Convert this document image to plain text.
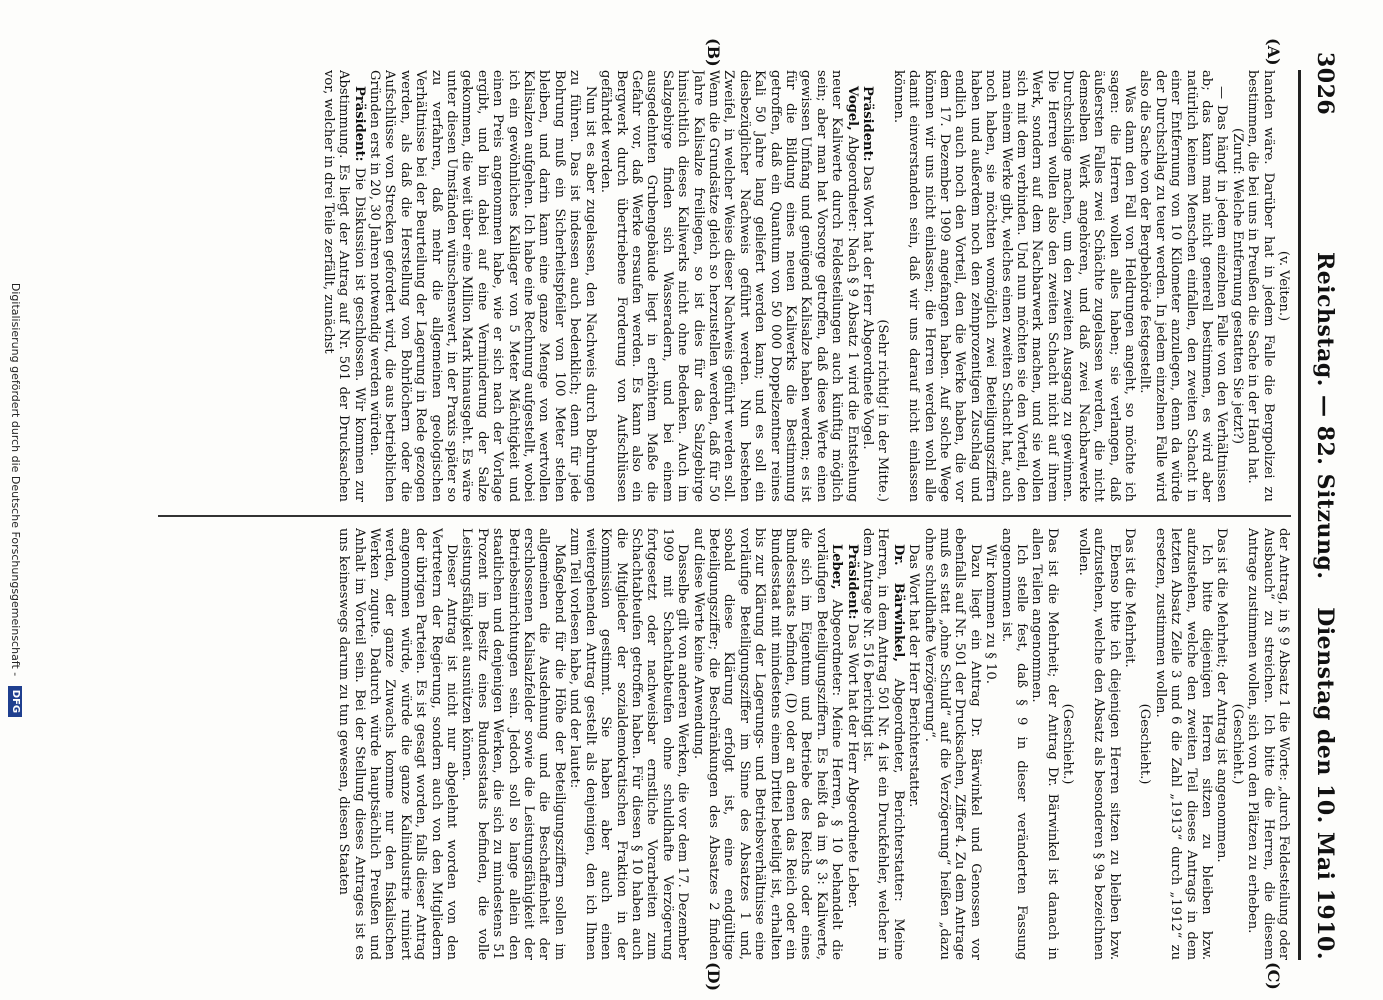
3026
Reichstag. — 82. Sitzung.
Dienstag den 10. Mai 1910.
(A)
(B)
(C)
(D)

(v. Veiten.)

handen wäre. Darüber hat in jedem Falle die Bergpolizei zu bestimmen, die bei uns in Preußen die Sache in der Hand hat.

(Zuruf: Welche Entfernung gestatten Sie jetzt?)

— Das hängt in jedem einzelnen Falle von den Verhältnissen ab; das kann man nicht generell bestimmen, es wird aber natürlich keinem Menschen einfallen, den zweiten Schacht in einer Entfernung von 10 Kilometer anzulegen, denn da würde der Durchschlag zu teuer werden. In jedem einzelnen Falle wird also die Sache von der Bergbehörde festgestellt.

Was dann den Fall von Heldrungen angeht, so möchte ich sagen: die Herren wollen alles haben; sie verlangen, daß äußersten Falles zwei Schächte zugelassen werden, die nicht demselben Werk angehören, und daß zwei Nachbarwerke Durchschläge machen, um den zweiten Ausgang zu gewinnen. Die Herren wollen also den zweiten Schacht nicht auf ihrem Werk, sondern auf dem Nachbarwerk machen, und sie wollen sich mit dem verbinden. Und nun möchten sie den Vorteil, den man einem Werke gibt, welches einen zweiten Schacht hat, auch noch haben, sie möchten womöglich zwei Beteiligungsziffern haben und außerdem noch den zehnprozentigen Zuschlag und endlich auch noch den Vorteil, den die Werke haben, die vor dem 17. Dezember 1909 angefangen haben. Auf solche Wege können wir uns nicht einlassen; die Herren werden wohl alle damit einverstanden sein, daß wir uns darauf nicht einlassen können.

(Sehr richtig! in der Mitte.)

Präsident: Das Wort hat der Herr Abgeordnete Vogel.

Vogel, Abgeordneter: Nach § 9 Absatz 1 wird die Entstehung neuer Kaliwerte durch Feldesteilungen auch künftig möglich sein; aber man hat Vorsorge getroffen, daß diese Werte einen gewissen Umfang und genügend Kalisalze haben werden; es ist für die Bildung eines neuen Kaliwerks die Bestimmung getroffen, daß ein Quantum von 50 000 Doppelzentner reines Kali 50 Jahre lang geliefert werden kann; und es soll ein diesbezüglicher Nachweis geführt werden. Nun bestehen Zweifel, in welcher Weise dieser Nachweis geführt werden soll. Wenn die Grundsätze gleich so herzustellen werden, daß für 50 Jahre Kalisalze freiliegen, so ist dies für das Salzgebirge hinsichtlich dieses Kaliwerks nicht ohne Bedenken. Auch im Salzgebirge finden sich Wasseradern, und bei einem ausgedehnten Grubengebäude liegt in erhöhtem Maße die Gefahr vor, daß Werke ersaufen werden. Es kann also ein Bergwerk durch übertriebene Forderung von Aufschlüssen gefährdet werden.

Nun ist es aber zugelassen, den Nachweis durch Bohrungen zu führen. Das ist indessen auch bedenklich; denn für jede Bohrung muß ein Sicherheitspfeiler von 100 Meter stehen bleiben, und darin kann eine ganze Menge von wertvollen Kalisalzen aufgehen. Ich habe eine Rechnung aufgestellt, wobei ich ein gewöhnliches Kalilager von 5 Meter Mächtigkeit und einen Preis angenommen habe, wie er sich nach der Vorlage ergibt, und bin dabei auf eine Verminderung der Salze gekommen, die weit über eine Million Mark hinausgeht. Es wäre unter diesen Umständen wünschenswert, in der Praxis später so zu verfahren, daß mehr die allgemeinen geologischen Verhältnisse bei der Beurteilung der Lagerung in Rede gezogen werden, als daß die Herstellung von Bohrlöchern oder die Aufschlüsse von Strecken gefordert wird, die aus betrieblichen Gründen erst in 20, 30 Jahren notwendig werden würden.

Präsident: Die Diskussion ist geschlossen. Wir kommen zur Abstimmung. Es liegt der Antrag auf Nr. 501 der Drucksachen vor, welcher in drei Teile zerfällt, zunächst

der Antrag, in § 9 Absatz 1 die Worte: „durch Feldesteilung oder Ausbauch“ zu streichen. Ich bitte die Herren, die diesem Antrage zustimmen wollen, sich von den Plätzen zu erheben.

(Geschieht.)

Das ist die Mehrheit; der Antrag ist angenommen.

Ich bitte diejenigen Herren sitzen zu bleiben bzw. aufzustehen, welche den zweiten Teil dieses Antrags in dem letzten Absatz Zeile 3 und 6 die Zahl „1913“ durch „1912“ zu ersetzen, zustimmen wollen.

(Geschieht.)

Das ist die Mehrheit.

Ebenso bitte ich diejenigen Herren sitzen zu bleiben bzw. aufzustehen, welche den Absatz als besonderen § 9a bezeichnen wollen.

(Geschieht.)

Das ist die Mehrheit; der Antrag Dr. Bärwinkel ist danach in allen Teilen angenommen.

Ich stelle fest, daß § 9 in dieser veränderten Fassung angenommen ist.

Wir kommen zu § 10.

Dazu liegt ein Antrag Dr. Bärwinkel und Genossen vor ebenfalls auf Nr. 501 der Drucksachen, Ziffer 4. Zu dem Antrage muß es statt „ohne Schuld“ auf die Verzögerung“ heißen „dazu ohne schuldhafte Verzögerung“.

Das Wort hat der Herr Berichterstatter.

Dr. Bärwinkel, Abgeordneter, Berichterstatter: Meine Herren, in dem Antrag 501 Nr. 4 ist ein Druckfehler, welcher in dem Antrage Nr. 516 berichtigt ist.

Präsident: Das Wort hat der Herr Abgeordnete Leber.

Leber, Abgeordneter: Meine Herren, § 10 behandelt die vorläufigen Beteiligungsziffern. Es heißt da im § 3: Kaliwerte, die sich im Eigentum und Betriebe des Reichs oder eines Bundesstaats befinden, (D) oder an denen das Reich oder ein Bundesstaat mit mindestens einem Drittel beteiligt ist, erhalten bis zur Klärung der Lagerungs- und Betriebsverhältnisse eine vorläufige Beteiligungsziffer im Sinne des Absatzes 1 und, sobald diese Klärung erfolgt ist, eine endgültige Beteiligungsziffer; die Beschränkungen des Absatzes 2 finden auf diese Werte keine Anwendung.

Dasselbe gilt von anderen Werken, die vor dem 17. Dezember 1909 mit Schachtabteufen ohne schuldhafte Verzögerung fortgesetzt oder nachweisbar ernstliche Vorarbeiten zum Schachtabteufen getroffen haben. Für diesen § 10 haben auch die Mitglieder der sozialdemokratischen Fraktion in der Kommission gestimmt. Sie haben aber auch einen weitergehenden Antrag gestellt als denjenigen, den ich Ihnen zum Teil vorlesen habe, und der lautet:

Maßgebend für die Höhe der Beteiligungsziffern sollen im allgemeinen die Ausdehnung und die Beschaffenheit der erschlossenen Kalisalzfelder sowie die Leistungsfähigkeit der Betriebseinrichtungen sein. Jedoch soll so lange allein den staatlichen und denjenigen Werken, die sich zu mindestens 51 Prozent im Besitz eines Bundesstaats befinden, die volle Leistungsfähigkeit ausnützen können.

Dieser Antrag ist nicht nur abgelehnt worden von den Vertretern der Regierung, sondern auch von den Mitgliedern der übrigen Parteien. Es ist gesagt worden, falls dieser Antrag angenommen würde, würde die ganze Kaliindustrie ruiniert werden, der ganze Zuwachs komme nur den fiskalischen Werken zugute. Dadurch würde hauptsächlich Preußen und Anhalt im Vorteil sein. Bei der Stellung dieses Antrages ist es uns keineswegs darum zu tun gewesen, diesen Staaten

Digitalisierung gefördert durch die Deutsche Forschungsgemeinschaft - DFG
